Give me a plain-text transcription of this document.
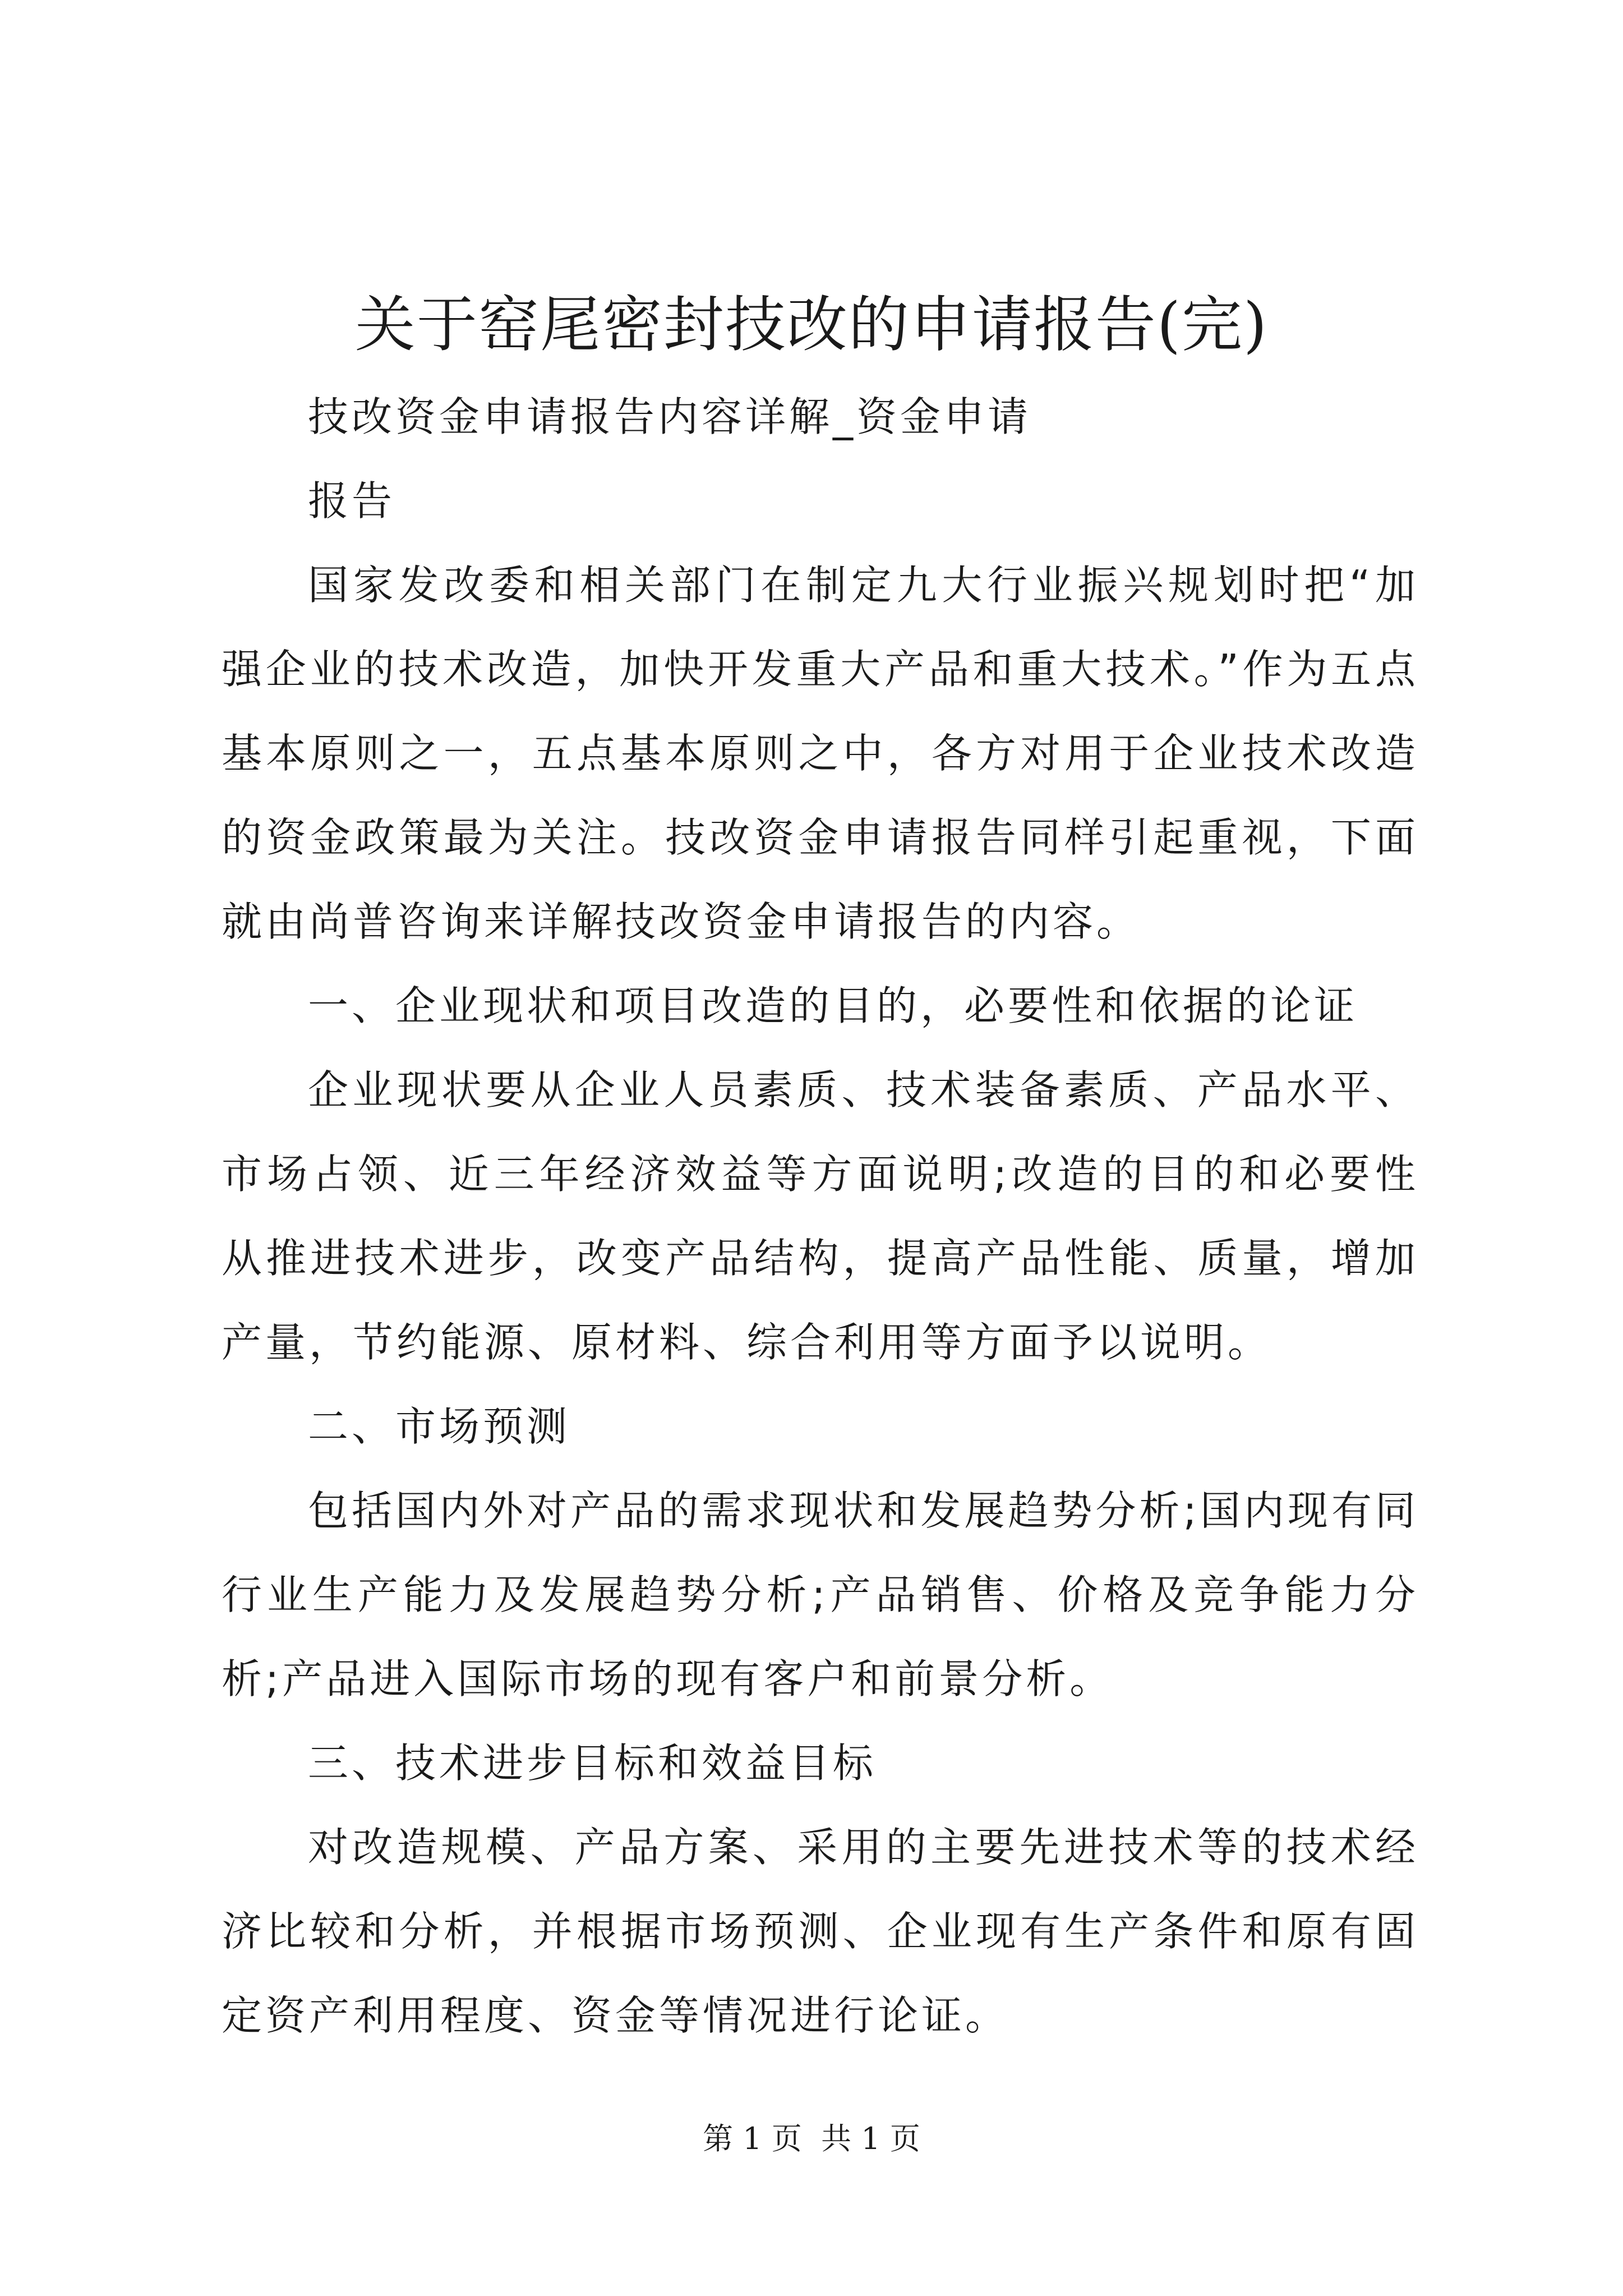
关于窑尾密封技改的申请报告(完)

技改资金申请报告内容详解_资金申请

报告

国家发改委和相关部门在制定九大行业振兴规划时把“加强企业的技术改造，加快开发重大产品和重大技术。”作为五点基本原则之一，五点基本原则之中，各方对用于企业技术改造的资金政策最为关注。技改资金申请报告同样引起重视，下面就由尚普咨询来详解技改资金申请报告的内容。

一、企业现状和项目改造的目的，必要性和依据的论证

企业现状要从企业人员素质、技术装备素质、产品水平、市场占领、近三年经济效益等方面说明;改造的目的和必要性从推进技术进步，改变产品结构，提高产品性能、质量，增加产量，节约能源、原材料、综合利用等方面予以说明。

二、市场预测

包括国内外对产品的需求现状和发展趋势分析;国内现有同行业生产能力及发展趋势分析;产品销售、价格及竞争能力分析;产品进入国际市场的现有客户和前景分析。

三、技术进步目标和效益目标

对改造规模、产品方案、采用的主要先进技术等的技术经济比较和分析，并根据市场预测、企业现有生产条件和原有固定资产利用程度、资金等情况进行论证。

第 1 页  共 1 页
